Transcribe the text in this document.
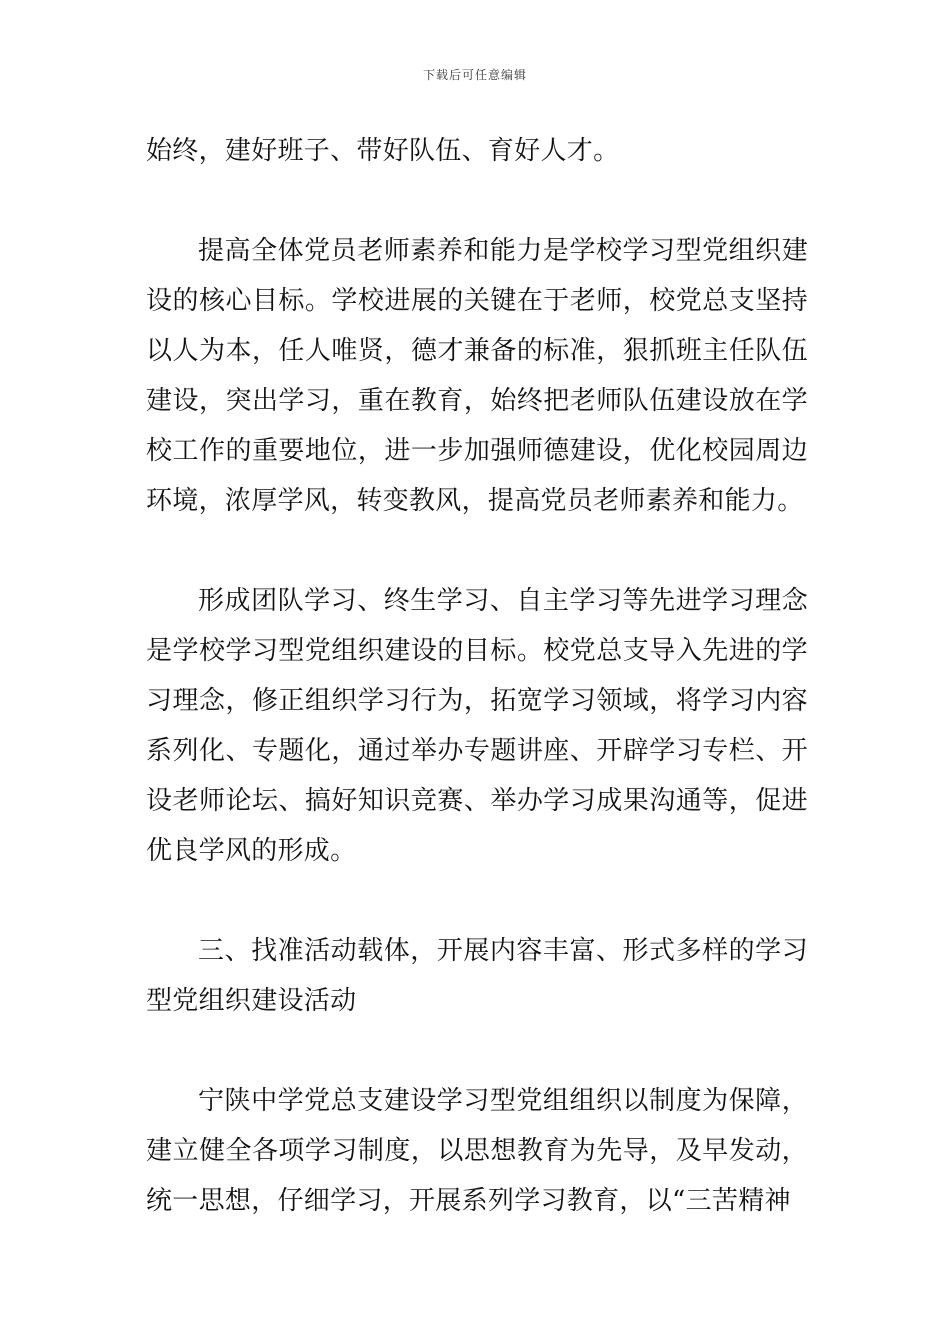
下载后可任意编辑

始终，建好班子、带好队伍、育好人才。

提高全体党员老师素养和能力是学校学习型党组织建设的核心目标。学校进展的关键在于老师，校党总支坚持以人为本，任人唯贤，德才兼备的标准，狠抓班主任队伍建设，突出学习，重在教育，始终把老师队伍建设放在学校工作的重要地位，进一步加强师德建设，优化校园周边环境，浓厚学风，转变教风，提高党员老师素养和能力。

形成团队学习、终生学习、自主学习等先进学习理念是学校学习型党组织建设的目标。校党总支导入先进的学习理念，修正组织学习行为，拓宽学习领域，将学习内容系列化、专题化，通过举办专题讲座、开辟学习专栏、开设老师论坛、搞好知识竞赛、举办学习成果沟通等，促进优良学风的形成。

三、找准活动载体，开展内容丰富、形式多样的学习型党组织建设活动

宁陕中学党总支建设学习型党组组织以制度为保障，建立健全各项学习制度，以思想教育为先导，及早发动，统一思想，仔细学习，开展系列学习教育，以“三苦精神
